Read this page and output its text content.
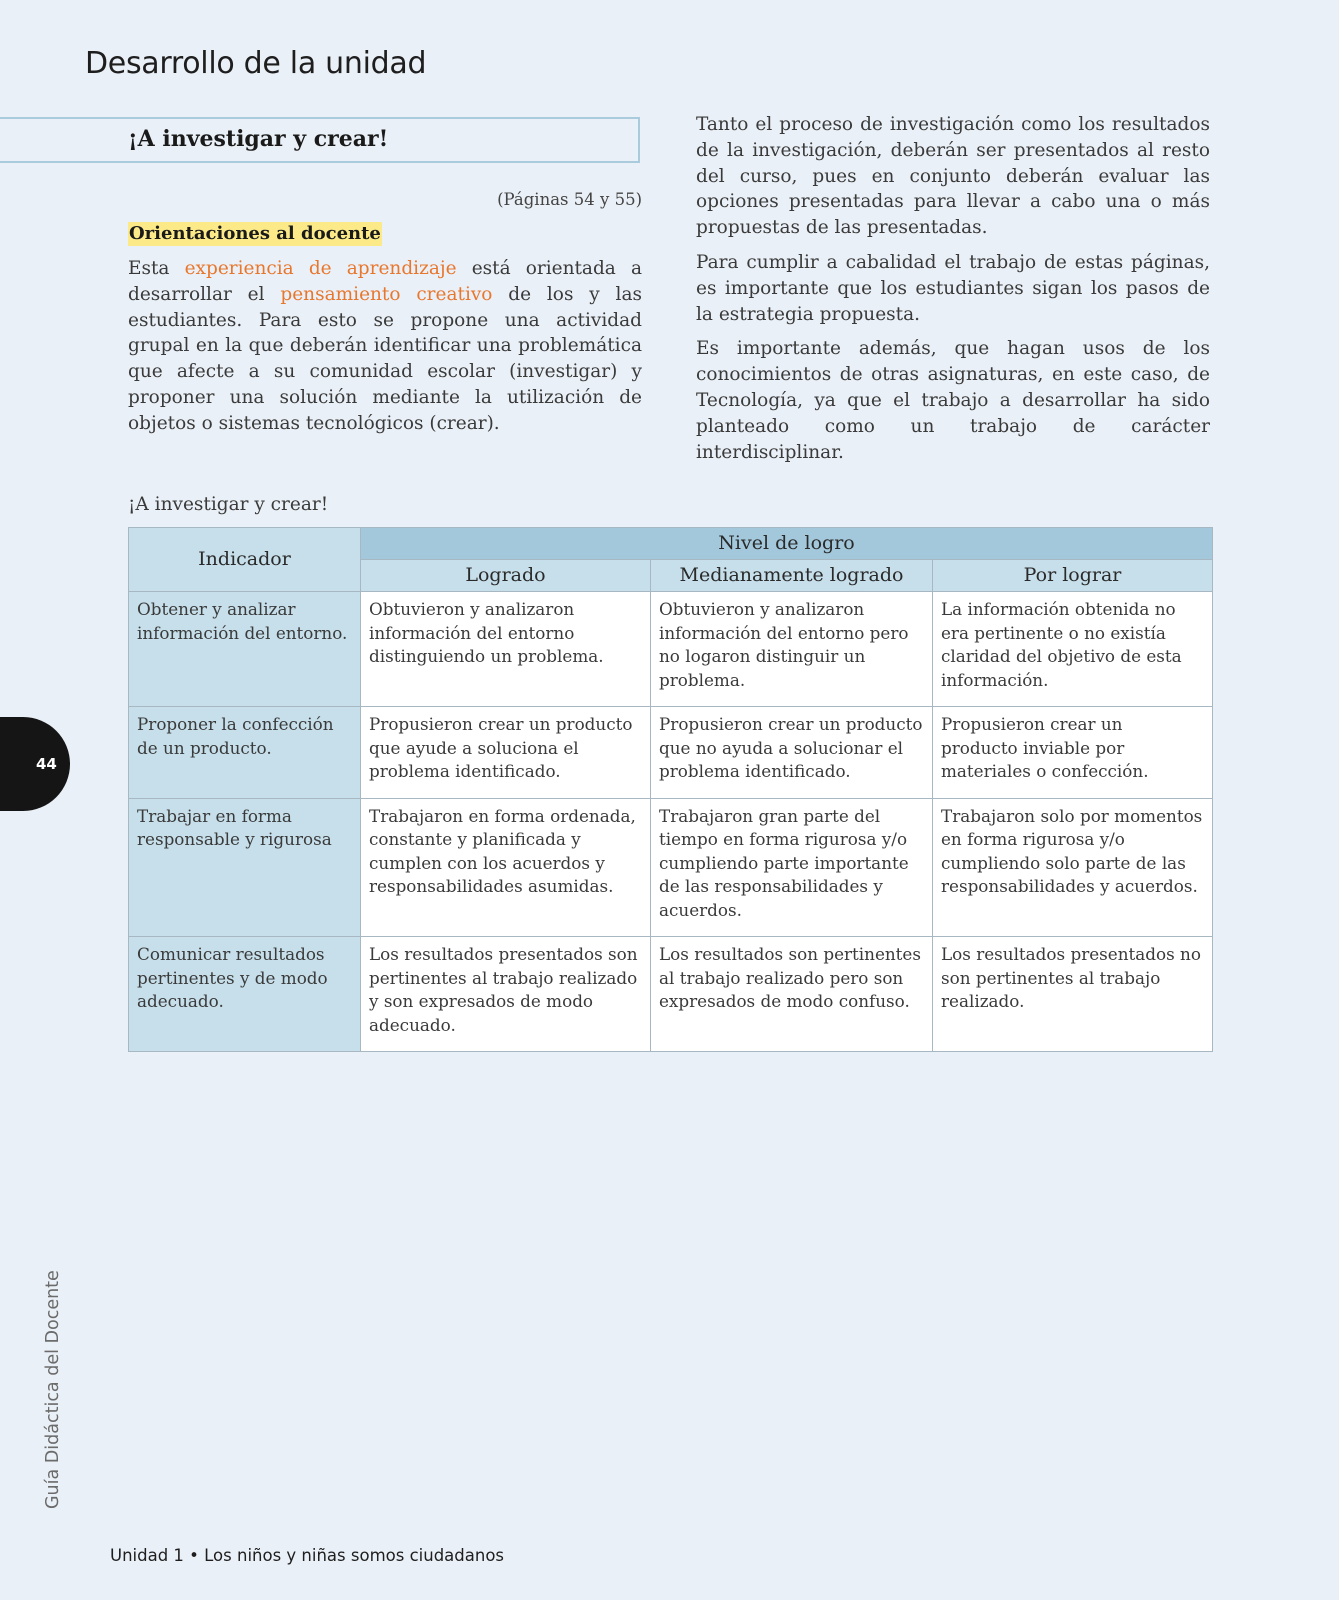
Desarrollo de la unidad
¡A investigar y crear!
(Páginas 54 y 55)
Orientaciones al docente

Esta experiencia de aprendizaje está orientada a desarrollar el pensamiento creativo de los y las estudiantes. Para esto se propone una actividad grupal en la que deberán identificar una problemática que afecte a su comunidad escolar (investigar) y proponer una solución mediante la utilización de objetos o sistemas tecnológicos (crear).

Tanto el proceso de investigación como los resultados de la investigación, deberán ser presentados al resto del curso, pues en conjunto deberán evaluar las opciones presentadas para llevar a cabo una o más propuestas de las presentadas.

Para cumplir a cabalidad el trabajo de estas páginas, es importante que los estudiantes sigan los pasos de la estrategia propuesta.

Es importante además, que hagan usos de los conocimientos de otras asignaturas, en este caso, de Tecnología, ya que el trabajo a desarrollar ha sido planteado como un trabajo de carácter interdisciplinar.

¡A investigar y crear!
Indicador	Nivel de logro		
	Logrado	Medianamente logrado	Por lograr
Obtener y analizar información del entorno.	Obtuvieron y analizaron información del entorno distinguiendo un problema.	Obtuvieron y analizaron información del entorno pero no logaron distinguir un problema.	La información obtenida no era pertinente o no existía claridad del objetivo de esta información.
Proponer la confección de un producto.	Propusieron crear un producto que ayude a soluciona el problema identificado.	Propusieron crear un producto que no ayuda a solucionar el problema identificado.	Propusieron crear un producto inviable por materiales o confección.
Trabajar en forma responsable y rigurosa	Trabajaron en forma ordenada, constante y planificada y cumplen con los acuerdos y responsabilidades asumidas.	Trabajaron gran parte del tiempo en forma rigurosa y/o cumpliendo parte importante de las responsabilidades y acuerdos.	Trabajaron solo por momentos en forma rigurosa y/o cumpliendo solo parte de las responsabilidades y acuerdos.
Comunicar resultados pertinentes y de modo adecuado.	Los resultados presentados son pertinentes al trabajo realizado y son expresados de modo adecuado.	Los resultados son pertinentes al trabajo realizado pero son expresados de modo confuso.	Los resultados presentados no son pertinentes al trabajo realizado.
44
Guía Didáctica del Docente
Unidad 1 • Los niños y niñas somos ciudadanos
